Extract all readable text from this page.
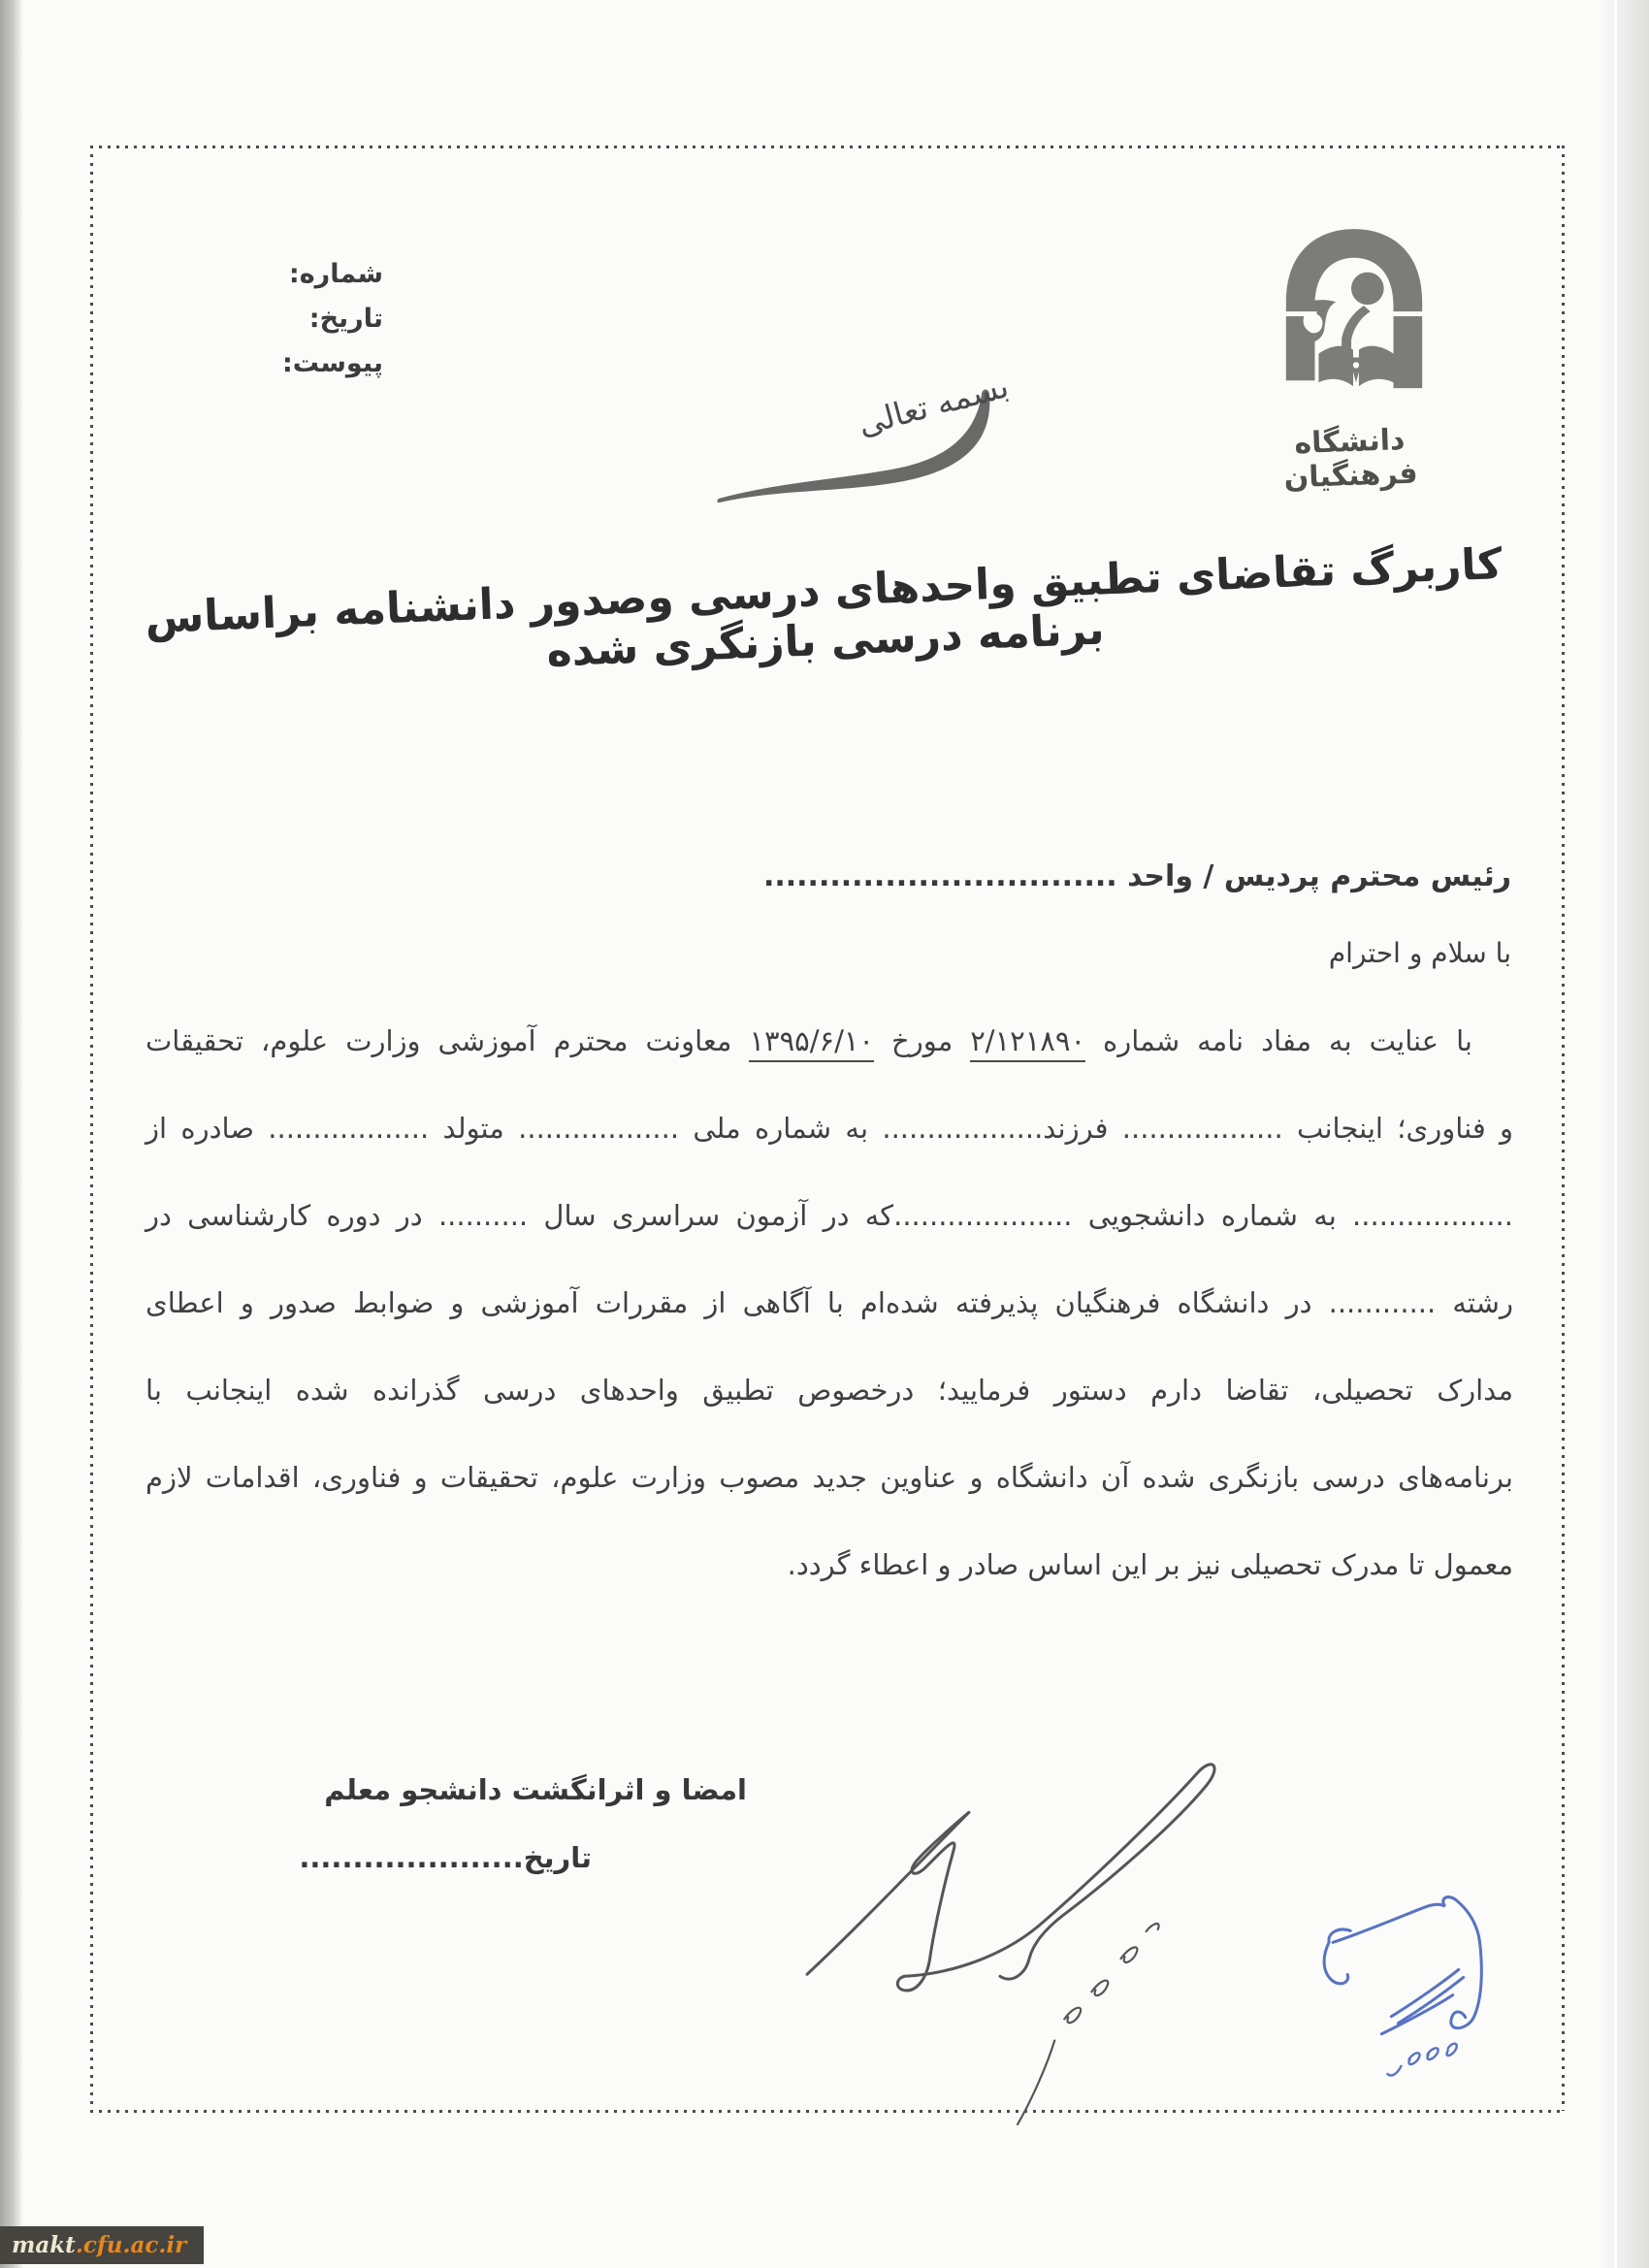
شماره:
تاریخ:
پیوست:
دانشگاه فرهنگیان
بسمه تعالی
کاربرگ تقاضای تطبیق واحدهای درسی وصدور دانشنامه براساس برنامه درسی بازنگری شده
رئیس محترم پردیس / واحد ................................
با سلام و احترام
با عنایت به مفاد نامه شماره ۲/۱۲۱۸۹۰ مورخ ۱۳۹۵/۶/۱۰ معاونت محترم آموزشی وزارت علوم، تحقیقات
و فناوری؛ اینجانب .................. فرزند.................. به شماره ملی .................. متولد .................. صادره از
.................. به شماره دانشجویی ....................که در آزمون سراسری سال .......... در دوره کارشناسی در
رشته ............ در دانشگاه فرهنگیان پذیرفته شده‌ام با آگاهی از مقررات آموزشی و ضوابط صدور و اعطای
مدارک تحصیلی، تقاضا دارم دستور فرمایید؛ درخصوص تطبیق واحدهای درسی گذرانده شده اینجانب با
برنامه‌های درسی بازنگری شده آن دانشگاه و عناوین جدید مصوب وزارت علوم، تحقیقات و فناوری، اقدامات لازم
معمول تا مدرک تحصیلی نیز بر این اساس صادر و اعطاء گردد.
امضا و اثرانگشت دانشجو معلم
تاریخ.....................
makt.cfu.ac.ir
